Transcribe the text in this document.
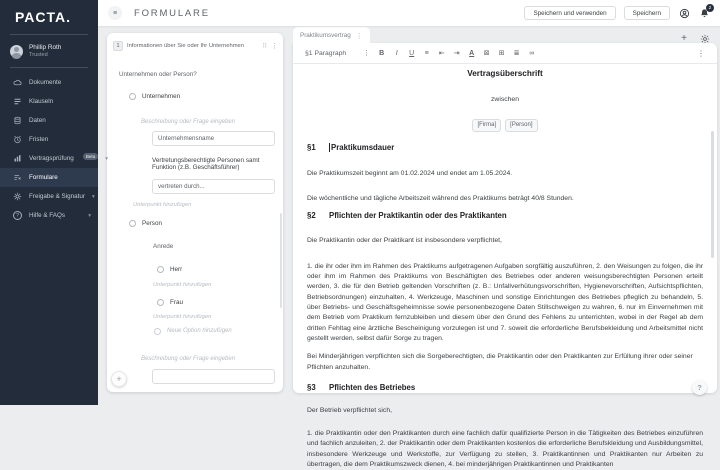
PACTA.
Phillip Roth
Trusted
Dokumente
Klauseln
Daten
Fristen
Vertragsprüfung	Beta	▾
Formulare
Freigabe & Signatur ▾
?	Hilfe & FAQs	▾
≡	FORMULARE	Speichern und verwenden	Speichern
2
1	Informationen über Sie oder Ihr Unternehmen	⠿ ⋮
Unternehmen oder Person?
Unternehmen
Beschreibung oder Frage eingeben
Unternehmensname
Vertretungsberechtigte Personen samt Funktion (z.B. Geschäftsführer)
vertreten durch...
Unterpunkt hinzufügen
Person
Anrede
Herr
Unterpunkt hinzufügen
Frau
Unterpunkt hinzufügen
Neue Option hinzufügen
Beschreibung oder Frage eingeben
+
Praktikumsvertrag ⋮	+
§1 Paragraph	⋮	B	I	U	≡	⇤	⇥	A	⊠	⊞	≣	∞	⋮
Vertragsüberschrift
zwischen
[Firma]	[Person]
§1	Praktikumsdauer

Die Praktikumszeit beginnt am 01.02.2024 und endet am 1.05.2024.

Die wöchentliche und tägliche Arbeitszeit während des Praktikums beträgt 40/8 Stunden.

§2	Pflichten der Praktikantin oder des Praktikanten

Die Praktikantin oder der Praktikant ist insbesondere verpflichtet,

1. die ihr oder ihm im Rahmen des Praktikums aufgetragenen Aufgaben sorgfältig auszuführen, 2. den Weisungen zu folgen, die ihr oder ihm im Rahmen des Praktikums von Beschäftigten des Betriebes oder anderen weisungsberechtigten Personen erteilt werden, 3. die für den Betrieb geltenden Vorschriften (z. B.: Unfallverhütungsvorschriften, Hygienevorschriften, Aufsichtspflichten, Betriebsordnungen) einzuhalten, 4. Werkzeuge, Maschinen und sonstige Einrichtungen des Betriebes pfleglich zu behandeln, 5. über Betriebs- und Geschäftsgeheimnisse sowie personenbezogene Daten Stillschweigen zu wahren, 6. nur im Einvernehmen mit dem Betrieb vom Praktikum fernzubleiben und diesem über den Grund des Fehlens zu unterrichten, wobei in der Regel ab dem dritten Fehltag eine ärztliche Bescheinigung vorzulegen ist und 7. soweit die erforderliche Berufsbekleidung und Arbeitsmittel nicht gestellt werden, selbst dafür Sorge zu tragen.

Bei Minderjährigen verpflichten sich die Sorgeberechtigten, die Praktikantin oder den Praktikanten zur Erfüllung ihrer oder seiner Pflichten anzuhalten.

§3	Pflichten des Betriebes

Der Betrieb verpflichtet sich,

1. die Praktikantin oder den Praktikanten durch eine fachlich dafür qualifizierte Person in die Tätigkeiten des Betriebes einzuführen und fachlich anzuleiten, 2. der Praktikantin oder dem Praktikanten kostenlos die erforderliche Berufskleidung und Ausbildungsmittel, insbesondere Werkzeuge und Werkstoffe, zur Verfügung zu stellen, 3. Praktikantinnen und Praktikanten nur Arbeiten zu übertragen, die dem Praktikumszweck dienen, 4. bei minderjährigen Praktikantinnen und Praktikanten

?
